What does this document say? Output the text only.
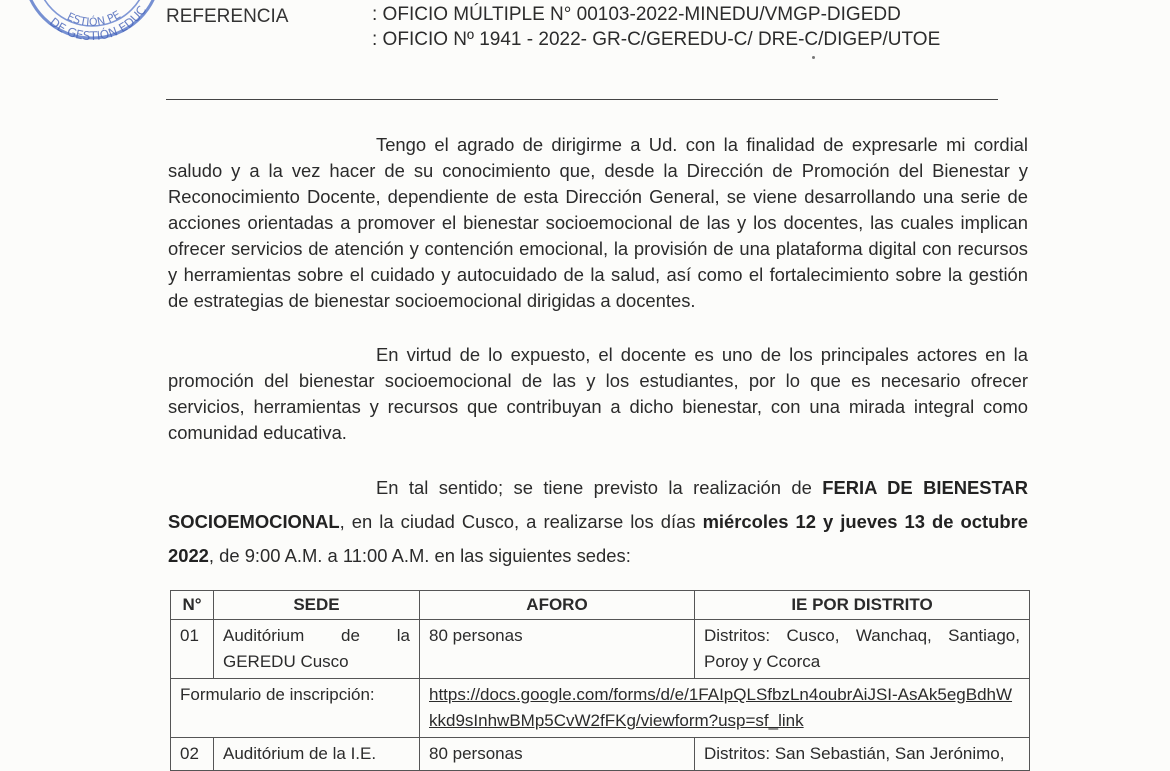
ESTIÓN PE
DE GESTIÓN EDUC REFERENCIA	: OFICIO MÚLTIPLE N° 00103-2022-MINEDU/VMGP-DIGEDD
: OFICIO Nº 1941 - 2022- GR-C/GEREDU-C/ DRE-C/DIGEP/UTOE
Tengo el agrado de dirigirme a Ud. con la finalidad de expresarle mi cordial saludo y a la vez hacer de su conocimiento que, desde la Dirección de Promoción del Bienestar y Reconocimiento Docente, dependiente de esta Dirección General, se viene desarrollando una serie de acciones orientadas a promover el bienestar socioemocional de las y los docentes, las cuales implican ofrecer servicios de atención y contención emocional, la provisión de una plataforma digital con recursos y herramientas sobre el cuidado y autocuidado de la salud, así como el fortalecimiento sobre la gestión de estrategias de bienestar socioemocional dirigidas a docentes.
En virtud de lo expuesto, el docente es uno de los principales actores en la promoción del bienestar socioemocional de las y los estudiantes, por lo que es necesario ofrecer servicios, herramientas y recursos que contribuyan a dicho bienestar, con una mirada integral como comunidad educativa.
En tal sentido; se tiene previsto la realización de FERIA DE BIENESTAR SOCIOEMOCIONAL, en la ciudad Cusco, a realizarse los días miércoles 12 y jueves 13 de octubre 2022, de 9:00 A.M. a 11:00 A.M. en las siguientes sedes:
N°	SEDE	AFORO	IE POR DISTRITO
01	Auditórium de la GEREDU Cusco	80 personas	Distritos: Cusco, Wanchaq, Santiago, Poroy y Ccorca
Formulario de inscripción:		https://docs.google.com/forms/d/e/1FAIpQLSfbzLn4oubrAiJSI-AsAk5egBdhWkkd9sInhwBMp5CvW2fFKg/viewform?usp=sf_link	
02	Auditórium de la I.E.	80 personas	Distritos: San Sebastián, San Jerónimo,
